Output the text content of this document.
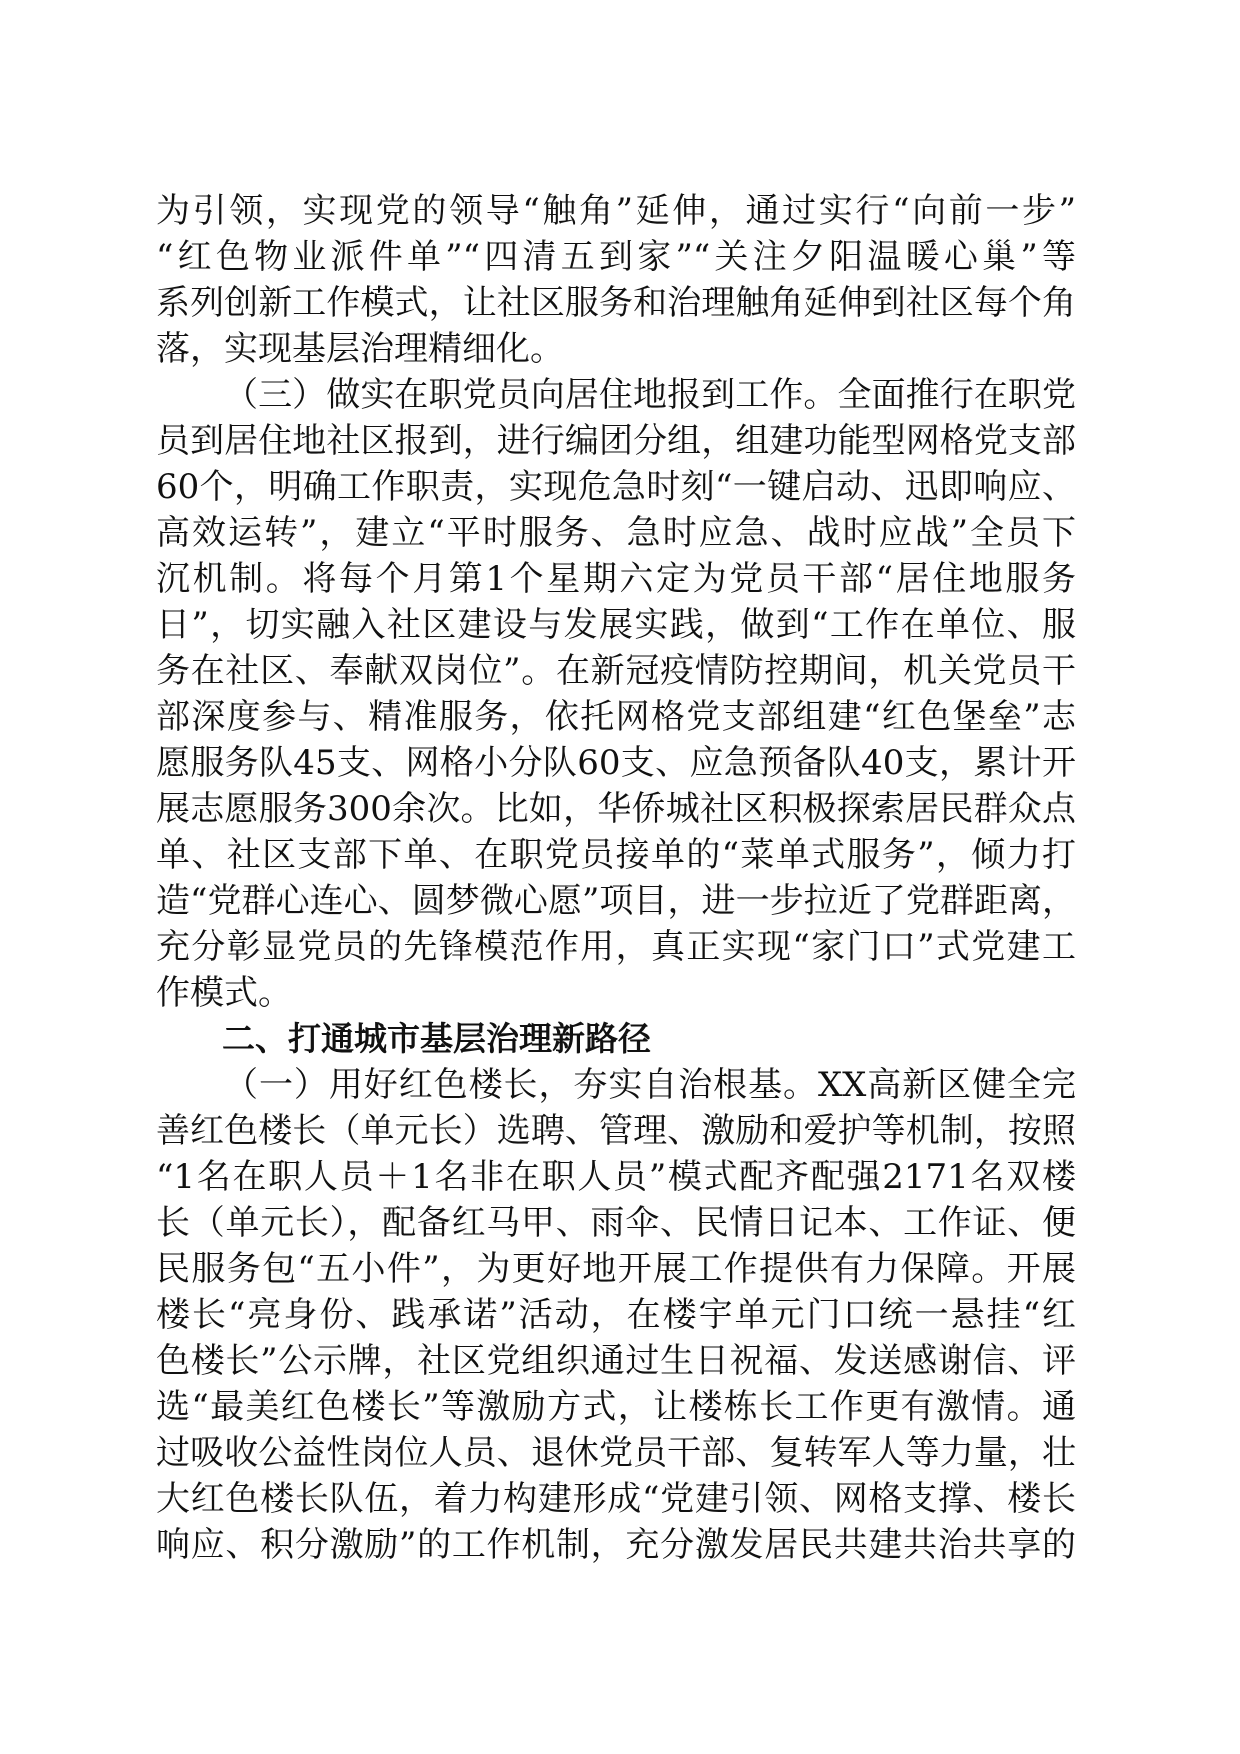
为引领，实现党的领导“触角”延伸，通过实行“向前一步”
“红色物业派件单”“四清五到家”“关注夕阳温暖心巢”等
系列创新工作模式，让社区服务和治理触角延伸到社区每个角
落，实现基层治理精细化。
（三）做实在职党员向居住地报到工作。全面推行在职党
员到居住地社区报到，进行编团分组，组建功能型网格党支部
60个，明确工作职责，实现危急时刻“一键启动、迅即响应、
高效运转”，建立“平时服务、急时应急、战时应战”全员下
沉机制。将每个月第1个星期六定为党员干部“居住地服务
日”，切实融入社区建设与发展实践，做到“工作在单位、服
务在社区、奉献双岗位”。在新冠疫情防控期间，机关党员干
部深度参与、精准服务，依托网格党支部组建“红色堡垒”志
愿服务队45支、网格小分队60支、应急预备队40支，累计开
展志愿服务300余次。比如，华侨城社区积极探索居民群众点
单、社区支部下单、在职党员接单的“菜单式服务”，倾力打
造“党群心连心、圆梦微心愿”项目，进一步拉近了党群距离，
充分彰显党员的先锋模范作用，真正实现“家门口”式党建工
作模式。
二、打通城市基层治理新路径
（一）用好红色楼长，夯实自治根基。XX高新区健全完
善红色楼长（单元长）选聘、管理、激励和爱护等机制，按照
“1名在职人员＋1名非在职人员”模式配齐配强2171名双楼
长（单元长），配备红马甲、雨伞、民情日记本、工作证、便
民服务包“五小件”，为更好地开展工作提供有力保障。开展
楼长“亮身份、践承诺”活动，在楼宇单元门口统一悬挂“红
色楼长”公示牌，社区党组织通过生日祝福、发送感谢信、评
选“最美红色楼长”等激励方式，让楼栋长工作更有激情。通
过吸收公益性岗位人员、退休党员干部、复转军人等力量，壮
大红色楼长队伍，着力构建形成“党建引领、网格支撑、楼长
响应、积分激励”的工作机制，充分激发居民共建共治共享的
